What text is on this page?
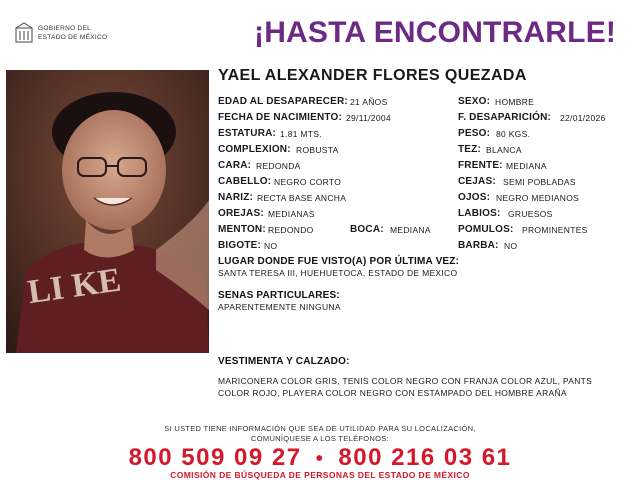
GOBIERNO DEL
ESTADO DE MÉXICO	¡HASTA ENCONTRARLE!
LI KE
YAEL ALEXANDER FLORES QUEZADA
EDAD AL DESAPARECER: 21 AÑOS
FECHA DE NACIMIENTO: 29/11/2004
ESTATURA: 1.81 MTS.
COMPLEXION: ROBUSTA
CARA: REDONDA
CABELLO: NEGRO CORTO
NARIZ: RECTA BASE ANCHA
OREJAS: MEDIANAS
MENTON: REDONDO	BOCA: MEDIANA
BIGOTE: NO
SEXO: HOMBRE
F. DESAPARICIÓN: 22/01/2026
PESO: 80 KGS.
TEZ: BLANCA
FRENTE: MEDIANA
CEJAS: SEMI POBLADAS
OJOS: NEGRO MEDIANOS
LABIOS: GRUESOS
POMULOS: PROMINENTES
BARBA: NO
LUGAR DONDE FUE VISTO(A) POR ÚLTIMA VEZ:
SANTA TERESA III, HUEHUETOCA, ESTADO DE MEXICO
SENAS PARTICULARES:
APARENTEMENTE NINGUNA
VESTIMENTA Y CALZADO:
MARICONERA COLOR GRIS, TENIS COLOR NEGRO CON FRANJA COLOR AZUL, PANTS COLOR ROJO, PLAYERA COLOR NEGRO CON ESTAMPADO DEL HOMBRE ARAÑA
SI USTED TIENE INFORMACIÓN QUE SEA DE UTILIDAD PARA SU LOCALIZACIÓN,
COMUNÍQUESE A LOS TELÉFONOS:
800 509 09 27 • 800 216 03 61
COMISIÓN DE BÚSQUEDA DE PERSONAS DEL ESTADO DE MÉXICO
